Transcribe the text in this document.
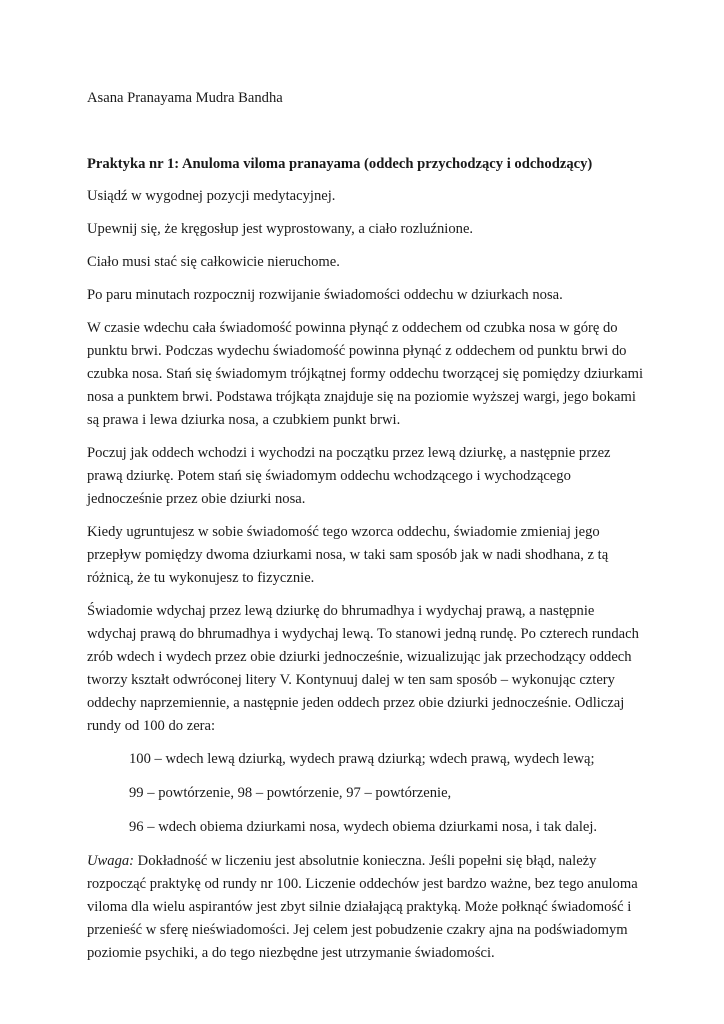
Asana Pranayama Mudra Bandha
Praktyka nr 1: Anuloma viloma pranayama (oddech przychodzący i odchodzący)

Usiądź w wygodnej pozycji medytacyjnej.

Upewnij się, że kręgosłup jest wyprostowany, a ciało rozluźnione.

Ciało musi stać się całkowicie nieruchome.

Po paru minutach rozpocznij rozwijanie świadomości oddechu w dziurkach nosa.

W czasie wdechu cała świadomość powinna płynąć z oddechem od czubka nosa w górę do punktu brwi. Podczas wydechu świadomość powinna płynąć z oddechem od punktu brwi do czubka nosa. Stań się świadomym trójkątnej formy oddechu tworzącej się pomiędzy dziurkami nosa a punktem brwi. Podstawa trójkąta znajduje się na poziomie wyższej wargi, jego bokami są prawa i lewa dziurka nosa, a czubkiem punkt brwi.

Poczuj jak oddech wchodzi i wychodzi na początku przez lewą dziurkę, a następnie przez prawą dziurkę. Potem stań się świadomym oddechu wchodzącego i wychodzącego jednocześnie przez obie dziurki nosa.

Kiedy ugruntujesz w sobie świadomość tego wzorca oddechu, świadomie zmieniaj jego przepływ pomiędzy dwoma dziurkami nosa, w taki sam sposób jak w nadi shodhana, z tą różnicą, że tu wykonujesz to fizycznie.

Świadomie wdychaj przez lewą dziurkę do bhrumadhya i wydychaj prawą, a następnie wdychaj prawą do bhrumadhya i wydychaj lewą. To stanowi jedną rundę. Po czterech rundach zrób wdech i wydech przez obie dziurki jednocześnie, wizualizując jak przechodzący oddech tworzy kształt odwróconej litery V. Kontynuuj dalej w ten sam sposób – wykonując cztery oddechy naprzemiennie, a następnie jeden oddech przez obie dziurki jednocześnie. Odliczaj rundy od 100 do zera:

100 – wdech lewą dziurką, wydech prawą dziurką; wdech prawą, wydech lewą;

99 – powtórzenie, 98 – powtórzenie, 97 – powtórzenie,

96 – wdech obiema dziurkami nosa, wydech obiema dziurkami nosa, i tak dalej.

Uwaga: Dokładność w liczeniu jest absolutnie konieczna. Jeśli popełni się błąd, należy rozpocząć praktykę od rundy nr 100. Liczenie oddechów jest bardzo ważne, bez tego anuloma viloma dla wielu aspirantów jest zbyt silnie działającą praktyką. Może połknąć świadomość i przenieść w sferę nieświadomości. Jej celem jest pobudzenie czakry ajna na podświadomym poziomie psychiki, a do tego niezbędne jest utrzymanie świadomości.
